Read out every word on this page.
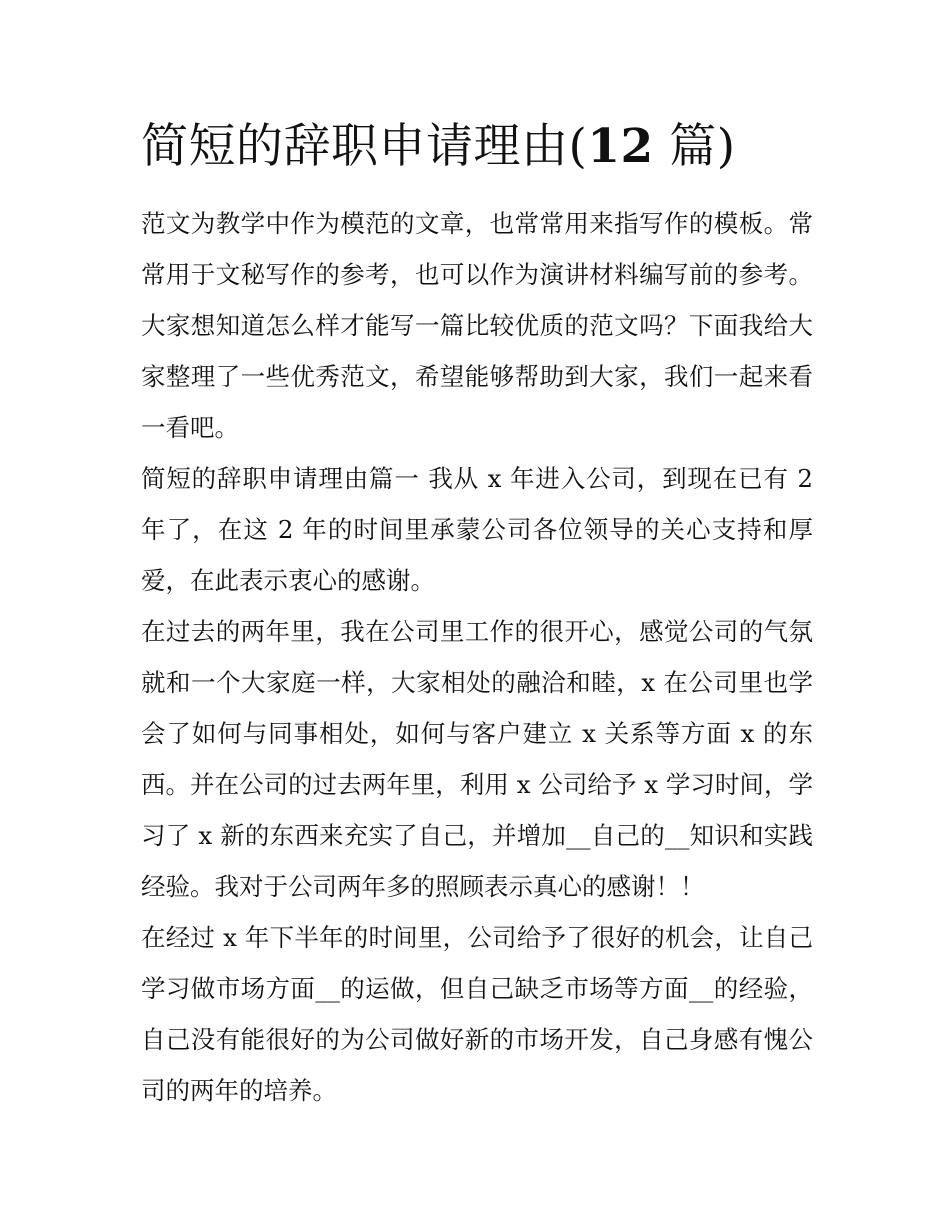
简短的辞职申请理由(12 篇)

范文为教学中作为模范的文章，也常常用来指写作的模板。常常用于文秘写作的参考，也可以作为演讲材料编写前的参考。大家想知道怎么样才能写一篇比较优质的范文吗？下面我给大家整理了一些优秀范文，希望能够帮助到大家，我们一起来看一看吧。

简短的辞职申请理由篇一 我从 x 年进入公司，到现在已有 2 年了，在这 2 年的时间里承蒙公司各位领导的关心支持和厚爱，在此表示衷心的感谢。

在过去的两年里，我在公司里工作的很开心，感觉公司的气氛就和一个大家庭一样，大家相处的融洽和睦，x 在公司里也学会了如何与同事相处，如何与客户建立 x 关系等方面 x 的东西。并在公司的过去两年里，利用 x 公司给予 x 学习时间，学习了 x 新的东西来充实了自己，并增加__自己的__知识和实践经验。我对于公司两年多的照顾表示真心的感谢！！

在经过 x 年下半年的时间里，公司给予了很好的机会，让自己学习做市场方面__的运做，但自己缺乏市场等方面__的经验，自己没有能很好的为公司做好新的市场开发，自己身感有愧公司的两年的培养。
